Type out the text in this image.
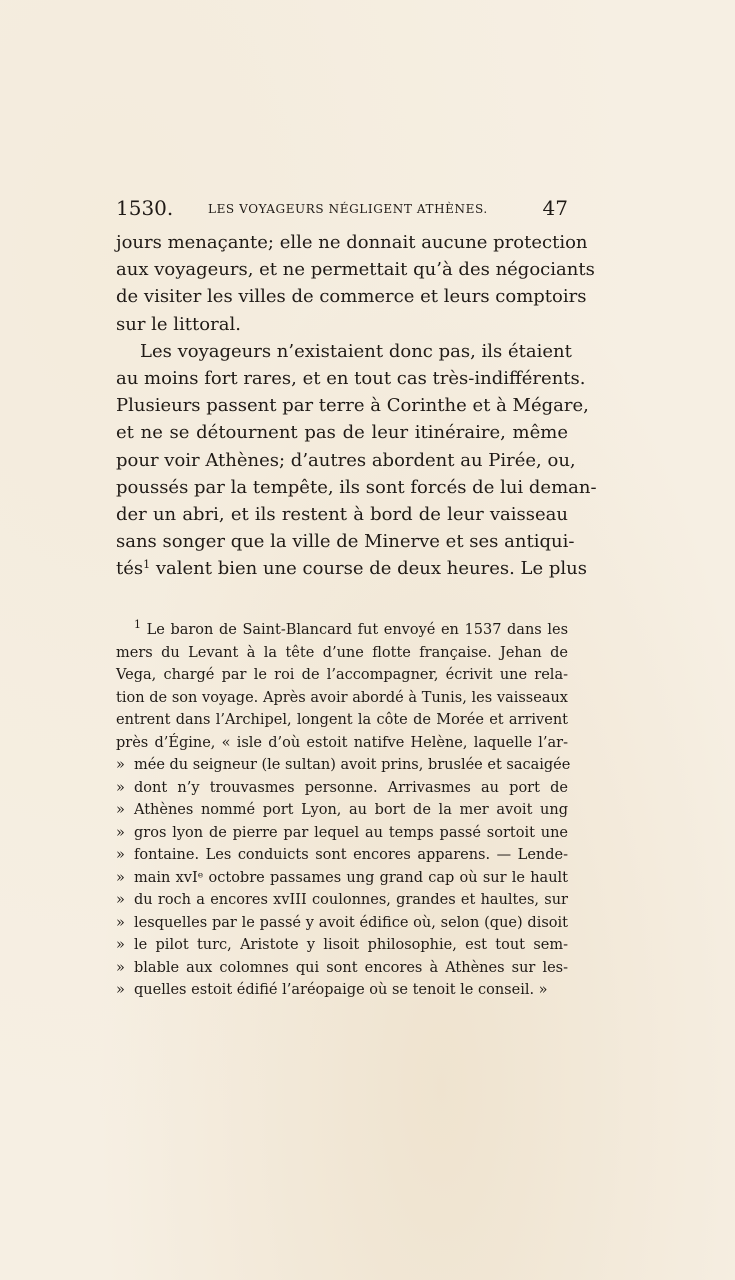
1530.	LES VOYAGEURS NÉGLIGENT ATHÈNES.	47
jours menaçante; elle ne donnait aucune protection
aux voyageurs, et ne permettait qu’à des négociants
de visiter les villes de commerce et leurs comptoirs
sur le littoral.
Les voyageurs n’existaient donc pas, ils étaient
au moins fort rares, et en tout cas très-indifférents.
Plusieurs passent par terre à Corinthe et à Mégare,
et ne se détournent pas de leur itinéraire, même
pour voir Athènes; d’autres abordent au Pirée, ou,
poussés par la tempête, ils sont forcés de lui deman-
der un abri, et ils restent à bord de leur vaisseau
sans songer que la ville de Minerve et ses antiqui-
tés$^1$ valent bien une course de deux heures. Le plus
$^1$ Le baron de Saint-Blancard fut envoyé en 1537 dans les
mers du Levant à la tête d’une flotte française. Jehan de
Vega, chargé par le roi de l’accompagner, écrivit une rela-
tion de son voyage. Après avoir abordé à Tunis, les vaisseaux
entrent dans l’Archipel, longent la côte de Morée et arrivent
près d’Égine, « isle d’où estoit natifve Helène, laquelle l’ar-
» mée du seigneur (le sultan) avoit prins, bruslée et sacaigée
» dont n’y trouvasmes personne. Arrivasmes au port de
» Athènes nommé port Lyon, au bort de la mer avoit ung
» gros lyon de pierre par lequel au temps passé sortoit une
» fontaine. Les conduicts sont encores apparens. — Lende-
» main xvIᵉ octobre passames ung grand cap où sur le hault
» du roch a encores xvIII coulonnes, grandes et haultes, sur
» lesquelles par le passé y avoit édifice où, selon (que) disoit
» le pilot turc, Aristote y lisoit philosophie, est tout sem-
» blable aux colomnes qui sont encores à Athènes sur les-
» quelles estoit édifié l’aréopaige où se tenoit le conseil. »
